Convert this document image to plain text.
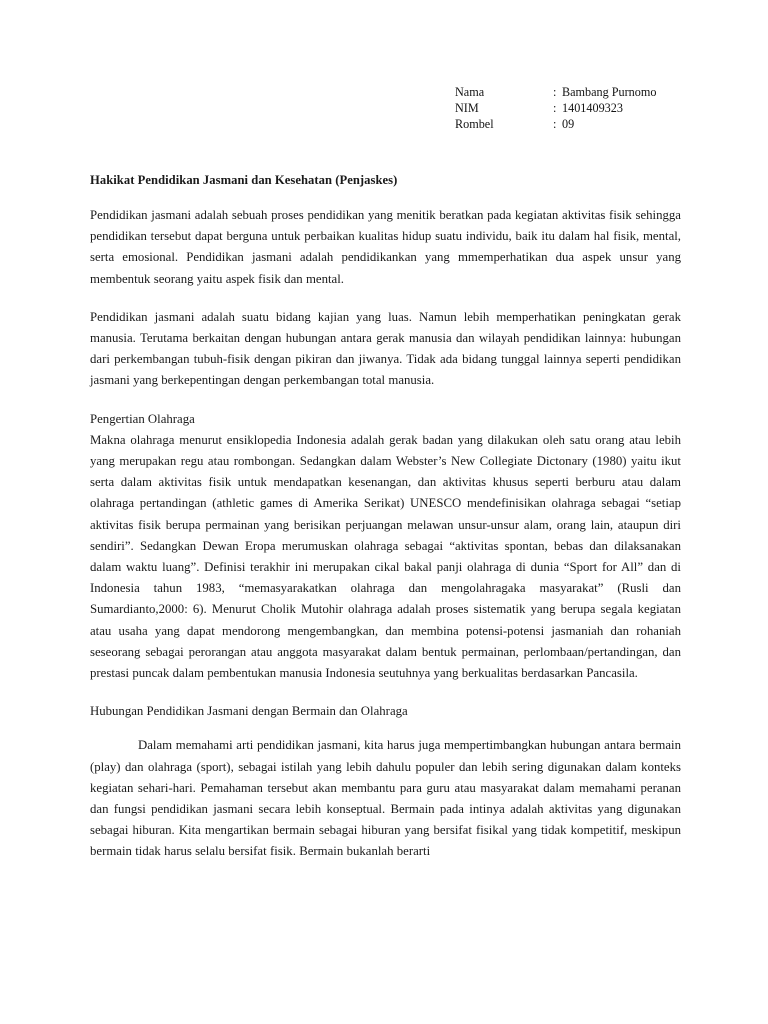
Nama	: Bambang Purnomo
NIM	: 1401409323
Rombel	: 09
Hakikat Pendidikan Jasmani dan Kesehatan (Penjaskes)

Pendidikan jasmani adalah sebuah proses pendidikan yang menitik beratkan pada kegiatan aktivitas fisik sehingga pendidikan tersebut dapat berguna untuk perbaikan kualitas hidup suatu individu, baik itu dalam hal fisik, mental, serta emosional. Pendidikan jasmani adalah pendidikankan yang mmemperhatikan dua aspek unsur yang membentuk seorang yaitu aspek fisik dan mental.

Pendidikan jasmani adalah suatu bidang kajian yang luas. Namun lebih memperhatikan peningkatan gerak manusia. Terutama berkaitan dengan hubungan antara gerak manusia dan wilayah pendidikan lainnya: hubungan dari perkembangan tubuh-fisik dengan pikiran dan jiwanya. Tidak ada bidang tunggal lainnya seperti pendidikan jasmani yang berkepentingan dengan perkembangan total manusia.

Pengertian Olahraga

Makna olahraga menurut ensiklopedia Indonesia adalah gerak badan yang dilakukan oleh satu orang atau lebih yang merupakan regu atau rombongan. Sedangkan dalam Webster’s New Collegiate Dictonary (1980) yaitu ikut serta dalam aktivitas fisik untuk mendapatkan kesenangan, dan aktivitas khusus seperti berburu atau dalam olahraga pertandingan (athletic games di Amerika Serikat) UNESCO mendefinisikan olahraga sebagai “setiap aktivitas fisik berupa permainan yang berisikan perjuangan melawan unsur-unsur alam, orang lain, ataupun diri sendiri”. Sedangkan Dewan Eropa merumuskan olahraga sebagai “aktivitas spontan, bebas dan dilaksanakan dalam waktu luang”. Definisi terakhir ini merupakan cikal bakal panji olahraga di dunia “Sport for All” dan di Indonesia tahun 1983, “memasyarakatkan olahraga dan mengolahragaka masyarakat” (Rusli dan Sumardianto,2000: 6). Menurut Cholik Mutohir olahraga adalah proses sistematik yang berupa segala kegiatan atau usaha yang dapat mendorong mengembangkan, dan membina potensi-potensi jasmaniah dan rohaniah seseorang sebagai perorangan atau anggota masyarakat dalam bentuk permainan, perlombaan/pertandingan, dan prestasi puncak dalam pembentukan manusia Indonesia seutuhnya yang berkualitas berdasarkan Pancasila.

Hubungan Pendidikan Jasmani dengan Bermain dan Olahraga

Dalam memahami arti pendidikan jasmani, kita harus juga mempertimbangkan hubungan antara bermain (play) dan olahraga (sport), sebagai istilah yang lebih dahulu populer dan lebih sering digunakan dalam konteks kegiatan sehari-hari. Pemahaman tersebut akan membantu para guru atau masyarakat dalam memahami peranan dan fungsi pendidikan jasmani secara lebih konseptual. Bermain pada intinya adalah aktivitas yang digunakan sebagai hiburan. Kita mengartikan bermain sebagai hiburan yang bersifat fisikal yang tidak kompetitif, meskipun bermain tidak harus selalu bersifat fisik. Bermain bukanlah berarti
